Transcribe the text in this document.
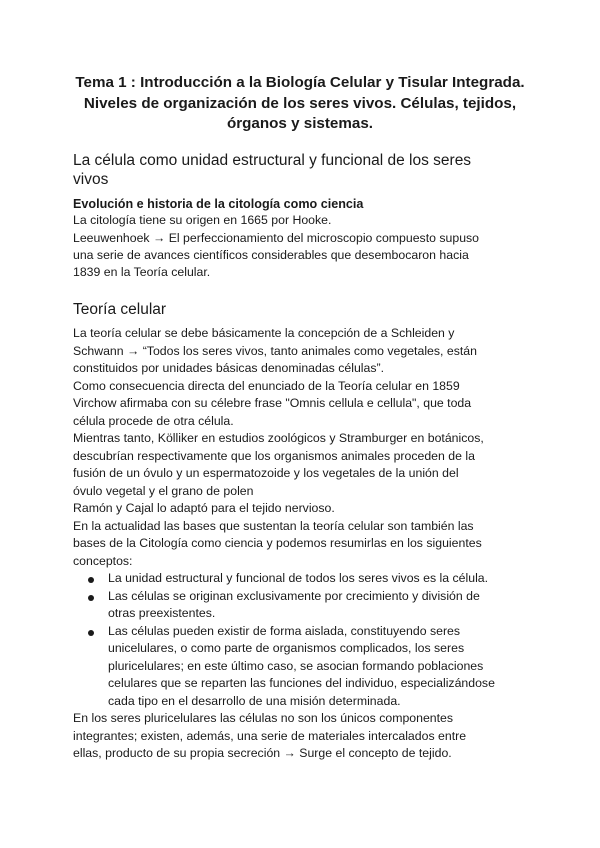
Tema 1 : Introducción a la Biología Celular y Tisular Integrada.
Niveles de organización de los seres vivos. Células, tejidos,
órganos y sistemas.
La célula como unidad estructural y funcional de los seres
vivos
Evolución e historia de la citología como ciencia
La citología tiene su origen en 1665 por Hooke.
Leeuwenhoek → El perfeccionamiento del microscopio compuesto supuso
una serie de avances científicos considerables que desembocaron hacia
1839 en la Teoría celular.
Teoría celular
La teoría celular se debe básicamente la concepción de a Schleiden y
Schwann → “Todos los seres vivos, tanto animales como vegetales, están
constituidos por unidades básicas denominadas células”.
Como consecuencia directa del enunciado de la Teoría celular en 1859
Virchow afirmaba con su célebre frase "Omnis cellula e cellula", que toda
célula procede de otra célula.
Mientras tanto, Kölliker en estudios zoológicos y Stramburger en botánicos,
descubrían respectivamente que los organismos animales proceden de la
fusión de un óvulo y un espermatozoide y los vegetales de la unión del
óvulo vegetal y el grano de polen
Ramón y Cajal lo adaptó para el tejido nervioso.
En la actualidad las bases que sustentan la teoría celular son también las
bases de la Citología como ciencia y podemos resumirlas en los siguientes
conceptos:
La unidad estructural y funcional de todos los seres vivos es la célula.
Las células se originan exclusivamente por crecimiento y división de
otras preexistentes.
Las células pueden existir de forma aislada, constituyendo seres
unicelulares, o como parte de organismos complicados, los seres
pluricelulares; en este último caso, se asocian formando poblaciones
celulares que se reparten las funciones del individuo, especializándose
cada tipo en el desarrollo de una misión determinada.
En los seres pluricelulares las células no son los únicos componentes
integrantes; existen, además, una serie de materiales intercalados entre
ellas, producto de su propia secreción → Surge el concepto de tejido.
